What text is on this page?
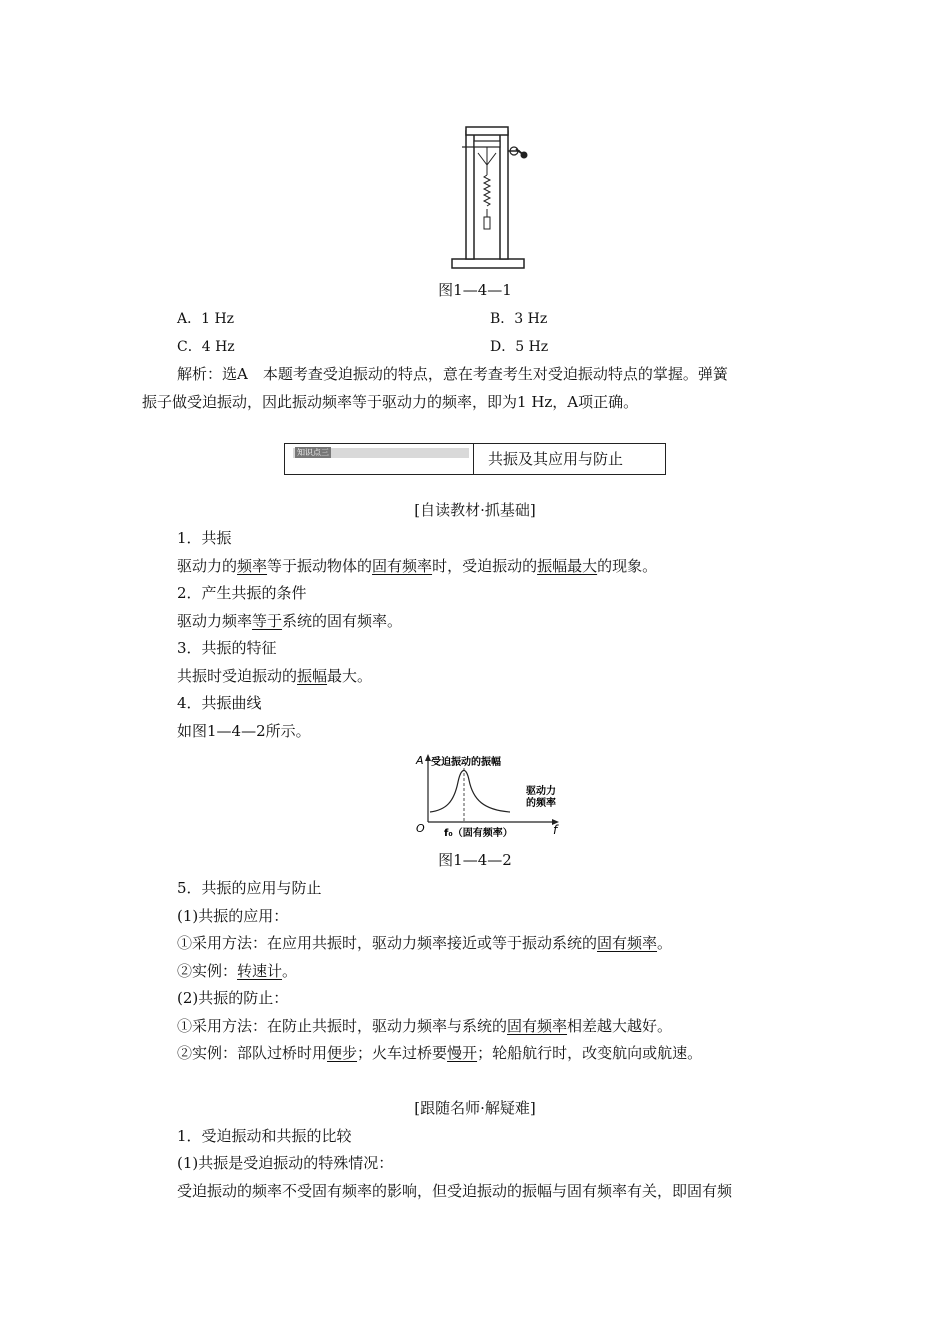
图1—4—1
A．1 Hz	B．3 Hz
C．4 Hz	D．5 Hz
解析：选A　本题考查受迫振动的特点，意在考查考生对受迫振动特点的掌握。弹簧
振子做受迫振动，因此振动频率等于驱动力的频率，即为1 Hz，A项正确。
知识点三	共振及其应用与防止
[自读教材·抓基础]
1．共振
驱动力的频率等于振动物体的固有频率时，受迫振动的振幅最大的现象。
2．产生共振的条件
驱动力频率等于系统的固有频率。
3．共振的特征
共振时受迫振动的振幅最大。
4．共振曲线
如图1—4—2所示。
A 受迫振动的振幅
f
O f₀（固有频率）
驱动力
的频率
图1—4—2
5．共振的应用与防止
(1)共振的应用：
①采用方法：在应用共振时，驱动力频率接近或等于振动系统的固有频率。
②实例：转速计。
(2)共振的防止：
①采用方法：在防止共振时，驱动力频率与系统的固有频率相差越大越好。
②实例：部队过桥时用便步；火车过桥要慢开；轮船航行时，改变航向或航速。
[跟随名师·解疑难]
1．受迫振动和共振的比较
(1)共振是受迫振动的特殊情况：
受迫振动的频率不受固有频率的影响，但受迫振动的振幅与固有频率有关，即固有频
